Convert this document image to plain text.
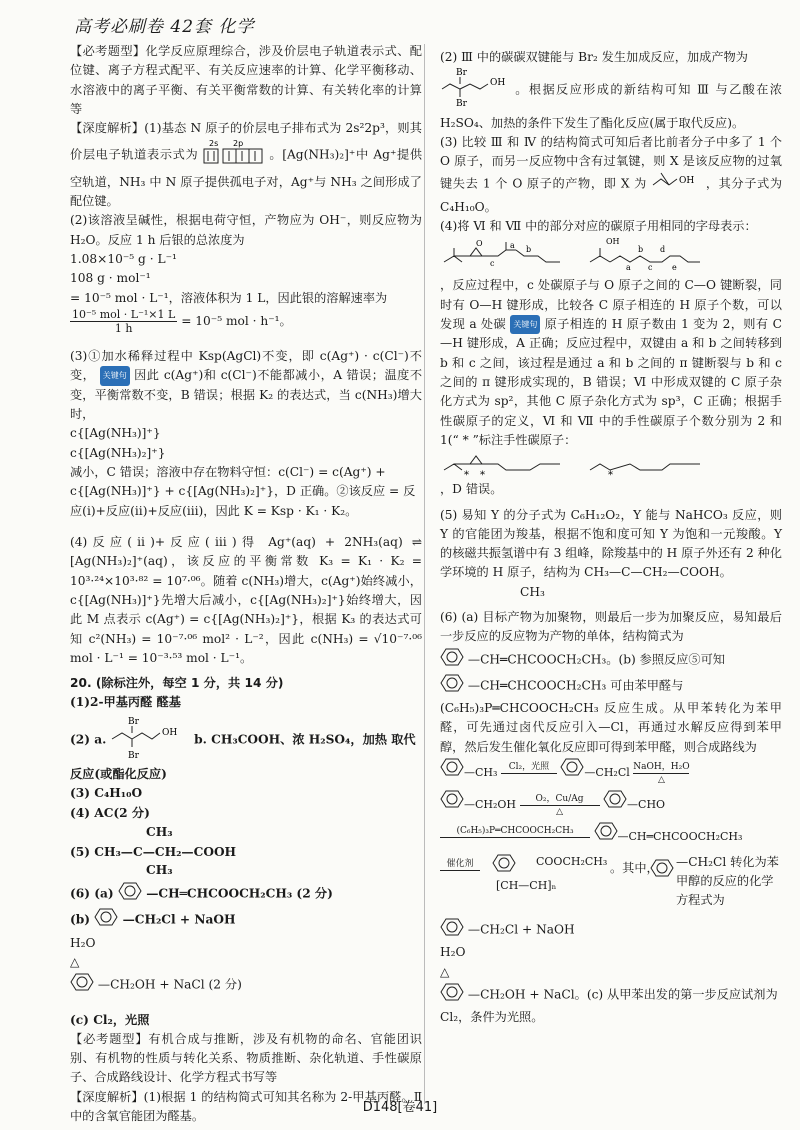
高考必刷卷 42套 化学

【必考题型】化学反应原理综合，涉及价层电子轨道表示式、配位键、离子方程式配平、有关反应速率的计算、化学平衡移动、水溶液中的离子平衡、有关平衡常数的计算、有关转化率的计算等

【深度解析】(1)基态 N 原子的价层电子排布式为 2s²2p³，则其价层电子轨道表示式为
2s 2p
。[Ag(NH₃)₂]⁺中 Ag⁺提供空轨道，NH₃ 中 N 原子提供孤电子对，Ag⁺与 NH₃ 之间形成了配位键。

(2)该溶液呈碱性，根据电荷守恒，产物应为 OH⁻，则反应物为 H₂O。反应 1 h 后银的总浓度为

1.08×10⁻⁵ g · L⁻¹
108 g · mol⁻¹
= 10⁻⁵ mol · L⁻¹，溶液体积为 1 L，因此银的溶解速率为
$\frac{\text{10⁻⁵ mol · L⁻¹×1 L}}{1 h} = 10^{-5}$ mol · h⁻¹。

(3)①加水稀释过程中 Ksp(AgCl)不变，即 c(Ag⁺) · c(Cl⁻)不变， 关键句 因此 c(Ag⁺)和 c(Cl⁻)不能都减小，A 错误；温度不变，平衡常数不变，B 错误；根据 K₂ 的表达式，当 c(NH₃)增大时，

c{[Ag(NH₃)]⁺}
c{[Ag(NH₃)₂]⁺}
减小，C 错误；溶液中存在物料守恒：c(Cl⁻) = c(Ag⁺) + c{[Ag(NH₃)]⁺} + c{[Ag(NH₃)₂]⁺}，D 正确。②该反应 = 反应(ⅰ)+反应(ⅱ)+反应(ⅲ)，因此 K = Ksp · K₁ · K₂。

(4)反应(ⅱ)+反应(ⅲ)得 Ag⁺(aq) + 2NH₃(aq) ⇌ [Ag(NH₃)₂]⁺(aq)，该反应的平衡常数 K₃ = K₁ · K₂ = 10³·²⁴×10³·⁸² = 10⁷·⁰⁶。随着 c(NH₃)增大，c(Ag⁺)始终减小，c{[Ag(NH₃)]⁺}先增大后减小，c{[Ag(NH₃)₂]⁺}始终增大，因此 M 点表示 c(Ag⁺) = c{[Ag(NH₃)₂]⁺}，根据 K₃ 的表达式可知 c²(NH₃) = 10⁻⁷·⁰⁶ mol² · L⁻²，因此 c(NH₃) = √10⁻⁷·⁰⁶ mol · L⁻¹ = 10⁻³·⁵³ mol · L⁻¹。

20. (除标注外，每空 1 分，共 14 分)

(1)2-甲基丙醛 醛基

(2) a.
Br
Br
OH b. CH₃COOH、浓 H₂SO₄，加热 取代

反应(或酯化反应)

(3) C₄H₁₀O

(4) AC(2 分)

CH₃
(5) CH₃—C—CH₂—COOH
CH₃

(6) (a)	—CH═CHCOOCH₂CH₃ (2 分)

(b)	—CH₂Cl + NaOH

H₂O
△
—CH₂OH + NaCl (2 分)

(c) Cl₂，光照

【必考题型】有机合成与推断，涉及有机物的命名、官能团识别、有机物的性质与转化关系、物质推断、杂化轨道、手性碳原子、合成路线设计、化学方程式书写等

【深度解析】(1)根据 1 的结构简式可知其名称为 2-甲基丙醛。Ⅱ 中的含氧官能团为醛基。

(2) Ⅲ 中的碳碳双键能与 Br₂ 发生加成反应，加成产物为

Br
Br
OH 。根据反应形成的新结构可知 Ⅲ 与乙酸在浓 H₂SO₄、加热的条件下发生了酯化反应(属于取代反应)。

(3) 比较 Ⅲ 和 Ⅳ 的结构简式可知后者比前者分子中多了 1 个 O 原子，而另一反应物中含有过氧键，则 X 是该反应物的过氧键失去 1 个 O 原子的产物，即 X 为	OH ，其分子式为 C₄H₁₀O。

(4)将 Ⅵ 和 Ⅶ 中的部分对应的碳原子用相同的字母表示：

O	a b
c
OH
a
b
c
d
e

，反应过程中，c 处碳原子与 O 原子之间的 C—O 键断裂，同时有 O—H 键形成，比较各 C 原子相连的 H 原子个数，可以发现 a 处碳 关键句 原子相连的 H 原子数由 1 变为 2，则有 C—H 键形成，A 正确；反应过程中，双键由 a 和 b 之间转移到 b 和 c 之间，该过程是通过 a 和 b 之间的 π 键断裂与 b 和 c 之间的 π 键形成实现的，B 错误；Ⅵ 中形成双键的 C 原子杂化方式为 sp²，其他 C 原子杂化方式为 sp³，C 正确；根据手性碳原子的定义，Ⅵ 和 Ⅶ 中的手性碳原子个数分别为 2 和 1(“ * ”标注手性碳原子：

* *	*

，D 错误。

(5) 易知 Y 的分子式为 C₆H₁₂O₂，Y 能与 NaHCO₃ 反应，则 Y 的官能团为羧基，根据不饱和度可知 Y 为饱和一元羧酸。Y 的核磁共振氢谱中有 3 组峰，除羧基中的 H 原子外还有 2 种化学环境的 H 原子，结构为 CH₃—C—CH₂—COOH。

CH₃

(6) (a) 目标产物为加聚物，则最后一步为加聚反应，易知最后一步反应的反应物为产物的单体，结构简式为

—CH═CHCOOCH₂CH₃。(b) 参照反应⑤可知

—CH═CHCOOCH₂CH₃ 可由苯甲醛与

(C₆H₅)₃P═CHCOOCH₂CH₃ 反应生成。从甲苯转化为苯甲醛，可先通过卤代反应引入—Cl，再通过水解反应得到苯甲醇，然后发生催化氧化反应即可得到苯甲醛，则合成路线为

—CH₃	Cl₂，光照
	—CH₂Cl NaOH，H₂O
△
—CH₂OH	O₂，Cu/Ag
△
—CHO
(C₆H₅)₃P═CHCOOCH₂CH₃
	—CH═CHCOOCH₂CH₃
催化剂	COOCH₂CH₃
[CH—CH]ₙ
。其中， —CH₂Cl 转化为苯甲醇的反应的化学方程式为

—CH₂Cl + NaOH

H₂O
△
—CH₂OH + NaCl。(c) 从甲苯出发的第一步反应试剂为 Cl₂，条件为光照。

D148[卷41]
